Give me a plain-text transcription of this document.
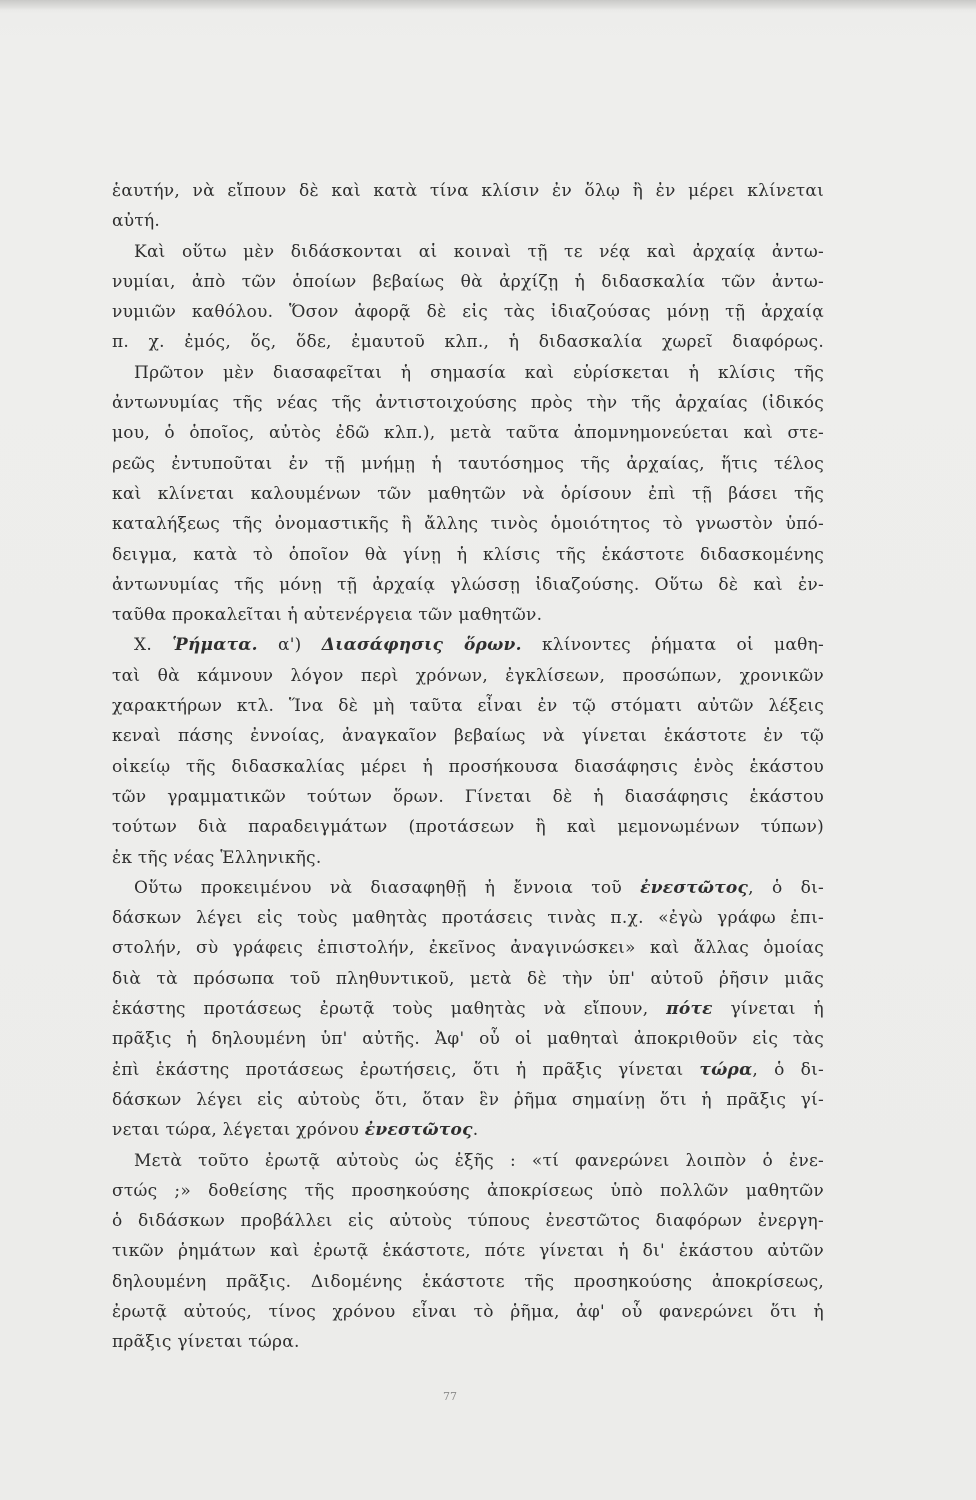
ἑαυτήν, νὰ εἴπουν δὲ καὶ κατὰ τίνα κλίσιν ἐν ὅλῳ ἢ ἐν μέρει κλίνεται
αὐτή.
Καὶ οὕτω μὲν διδάσκονται αἱ κοιναὶ τῇ τε νέᾳ καὶ ἀρχαίᾳ ἀντω-
νυμίαι, ἀπὸ τῶν ὁποίων βεβαίως θὰ ἀρχίζῃ ἡ διδασκαλία τῶν ἀντω-
νυμιῶν καθόλου. Ὅσον ἀφορᾷ δὲ εἰς τὰς ἰδιαζούσας μόνῃ τῇ ἀρχαίᾳ
π. χ. ἐμός, ὅς, ὅδε, ἐμαυτοῦ κλπ., ἡ διδασκαλία χωρεῖ διαφόρως.
Πρῶτον μὲν διασαφεῖται ἡ σημασία καὶ εὑρίσκεται ἡ κλίσις τῆς
ἀντωνυμίας τῆς νέας τῆς ἀντιστοιχούσης πρὸς τὴν τῆς ἀρχαίας (ἰδικός
μου, ὁ ὁποῖος, αὐτὸς ἐδῶ κλπ.), μετὰ ταῦτα ἀπομνημονεύεται καὶ στε-
ρεῶς ἐντυποῦται ἐν τῇ μνήμῃ ἡ ταυτόσημος τῆς ἀρχαίας, ἥτις τέλος
καὶ κλίνεται καλουμένων τῶν μαθητῶν νὰ ὁρίσουν ἐπὶ τῇ βάσει τῆς
καταλήξεως τῆς ὀνομαστικῆς ἢ ἄλλης τινὸς ὁμοιότητος τὸ γνωστὸν ὑπό-
δειγμα, κατὰ τὸ ὁποῖον θὰ γίνῃ ἡ κλίσις τῆς ἑκάστοτε διδασκομένης
ἀντωνυμίας τῆς μόνῃ τῇ ἀρχαίᾳ γλώσσῃ ἰδιαζούσης. Οὕτω δὲ καὶ ἐν-
ταῦθα προκαλεῖται ἡ αὐτενέργεια τῶν μαθητῶν.
Χ. Ῥήματα. α') Διασάφησις ὅρων. κλίνοντες ῥήματα οἱ μαθη-
ταὶ θὰ κάμνουν λόγον περὶ χρόνων, ἐγκλίσεων, προσώπων, χρονικῶν
χαρακτήρων κτλ. Ἵνα δὲ μὴ ταῦτα εἶναι ἐν τῷ στόματι αὐτῶν λέξεις
κεναὶ πάσης ἐννοίας, ἀναγκαῖον βεβαίως νὰ γίνεται ἑκάστοτε ἐν τῷ
οἰκείῳ τῆς διδασκαλίας μέρει ἡ προσήκουσα διασάφησις ἑνὸς ἑκάστου
τῶν γραμματικῶν τούτων ὅρων. Γίνεται δὲ ἡ διασάφησις ἑκάστου
τούτων διὰ παραδειγμάτων (προτάσεων ἢ καὶ μεμονωμένων τύπων)
ἐκ τῆς νέας Ἑλληνικῆς.
Οὕτω προκειμένου νὰ διασαφηθῇ ἡ ἔννοια τοῦ ἐνεστῶτος, ὁ δι-
δάσκων λέγει εἰς τοὺς μαθητὰς προτάσεις τινὰς π.χ. «ἐγὼ γράφω ἐπι-
στολήν, σὺ γράφεις ἐπιστολήν, ἐκεῖνος ἀναγινώσκει» καὶ ἄλλας ὁμοίας
διὰ τὰ πρόσωπα τοῦ πληθυντικοῦ, μετὰ δὲ τὴν ὑπ' αὐτοῦ ῥῆσιν μιᾶς
ἑκάστης προτάσεως ἐρωτᾷ τοὺς μαθητὰς νὰ εἴπουν, πότε γίνεται ἡ
πρᾶξις ἡ δηλουμένη ὑπ' αὐτῆς. Ἀφ' οὗ οἱ μαθηταὶ ἀποκριθοῦν εἰς τὰς
ἐπὶ ἑκάστης προτάσεως ἐρωτήσεις, ὅτι ἡ πρᾶξις γίνεται τώρα, ὁ δι-
δάσκων λέγει εἰς αὐτοὺς ὅτι, ὅταν ἓν ῥῆμα σημαίνῃ ὅτι ἡ πρᾶξις γί-
νεται τώρα, λέγεται χρόνου ἐνεστῶτος.
Μετὰ τοῦτο ἐρωτᾷ αὐτοὺς ὡς ἑξῆς : «τί φανερώνει λοιπὸν ὁ ἐνε-
στώς ;» δοθείσης τῆς προσηκούσης ἀποκρίσεως ὑπὸ πολλῶν μαθητῶν
ὁ διδάσκων προβάλλει εἰς αὐτοὺς τύπους ἐνεστῶτος διαφόρων ἐνεργη-
τικῶν ῥημάτων καὶ ἐρωτᾷ ἑκάστοτε, πότε γίνεται ἡ δι' ἑκάστου αὐτῶν
δηλουμένη πρᾶξις. Διδομένης ἑκάστοτε τῆς προσηκούσης ἀποκρίσεως,
ἐρωτᾷ αὐτούς, τίνος χρόνου εἶναι τὸ ῥῆμα, ἀφ' οὗ φανερώνει ὅτι ἡ
πρᾶξις γίνεται τώρα.
77
